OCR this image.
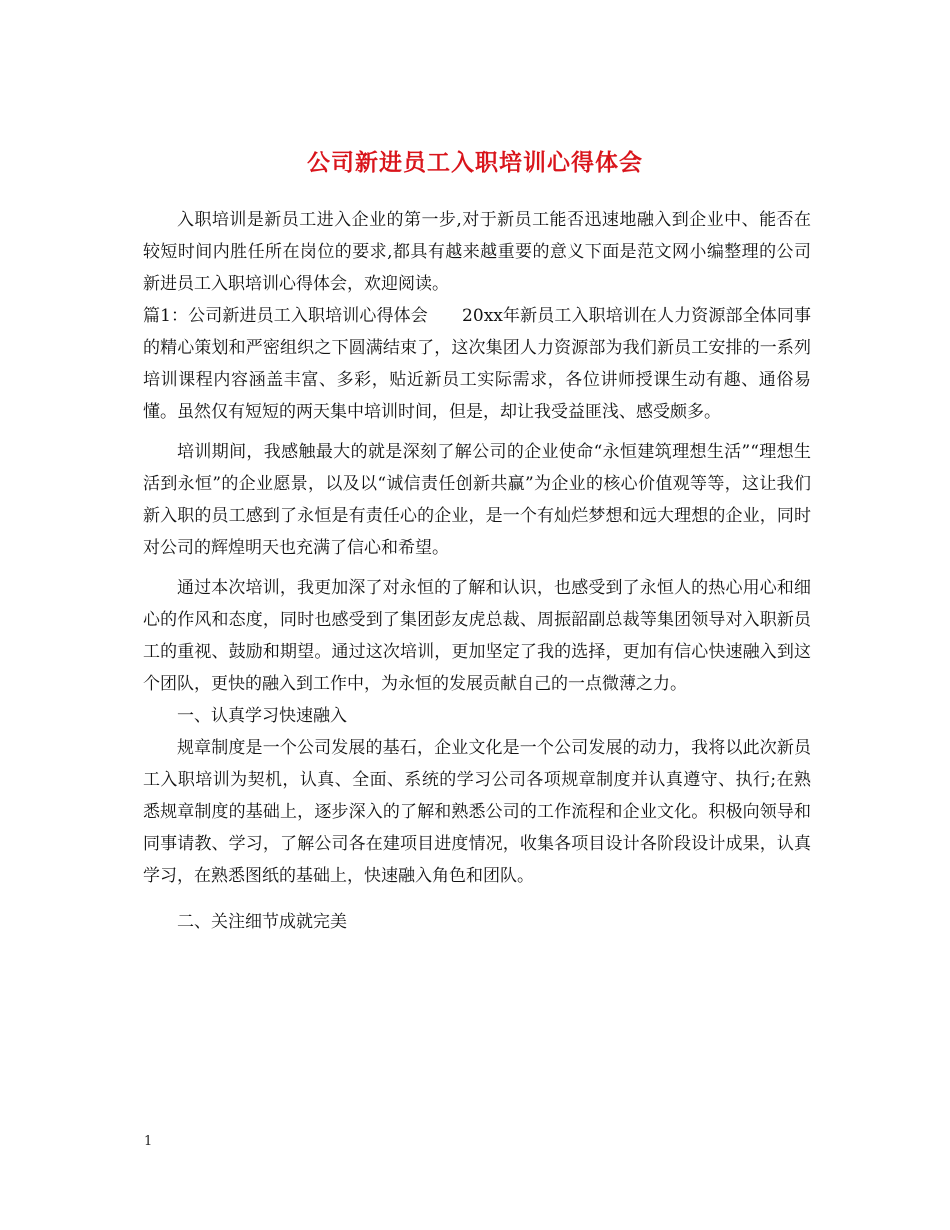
公司新进员工入职培训心得体会

入职培训是新员工进入企业的第一步,对于新员工能否迅速地融入到企业中、能否在较短时间内胜任所在岗位的要求,都具有越来越重要的意义下面是范文网小编整理的公司新进员工入职培训心得体会，欢迎阅读。

篇1：公司新进员工入职培训心得体会　　20xx年新员工入职培训在人力资源部全体同事的精心策划和严密组织之下圆满结束了，这次集团人力资源部为我们新员工安排的一系列培训课程内容涵盖丰富、多彩，贴近新员工实际需求，各位讲师授课生动有趣、通俗易懂。虽然仅有短短的两天集中培训时间，但是，却让我受益匪浅、感受颇多。

培训期间，我感触最大的就是深刻了解公司的企业使命“永恒建筑理想生活”“理想生活到永恒”的企业愿景，以及以“诚信责任创新共赢”为企业的核心价值观等等，这让我们新入职的员工感到了永恒是有责任心的企业，是一个有灿烂梦想和远大理想的企业，同时对公司的辉煌明天也充满了信心和希望。

通过本次培训，我更加深了对永恒的了解和认识，也感受到了永恒人的热心用心和细心的作风和态度，同时也感受到了集团彭友虎总裁、周振韶副总裁等集团领导对入职新员工的重视、鼓励和期望。通过这次培训，更加坚定了我的选择，更加有信心快速融入到这个团队，更快的融入到工作中，为永恒的发展贡献自己的一点微薄之力。

一、认真学习快速融入

规章制度是一个公司发展的基石，企业文化是一个公司发展的动力，我将以此次新员工入职培训为契机，认真、全面、系统的学习公司各项规章制度并认真遵守、执行;在熟悉规章制度的基础上，逐步深入的了解和熟悉公司的工作流程和企业文化。积极向领导和同事请教、学习，了解公司各在建项目进度情况，收集各项目设计各阶段设计成果，认真学习，在熟悉图纸的基础上，快速融入角色和团队。

二、关注细节成就完美

1
